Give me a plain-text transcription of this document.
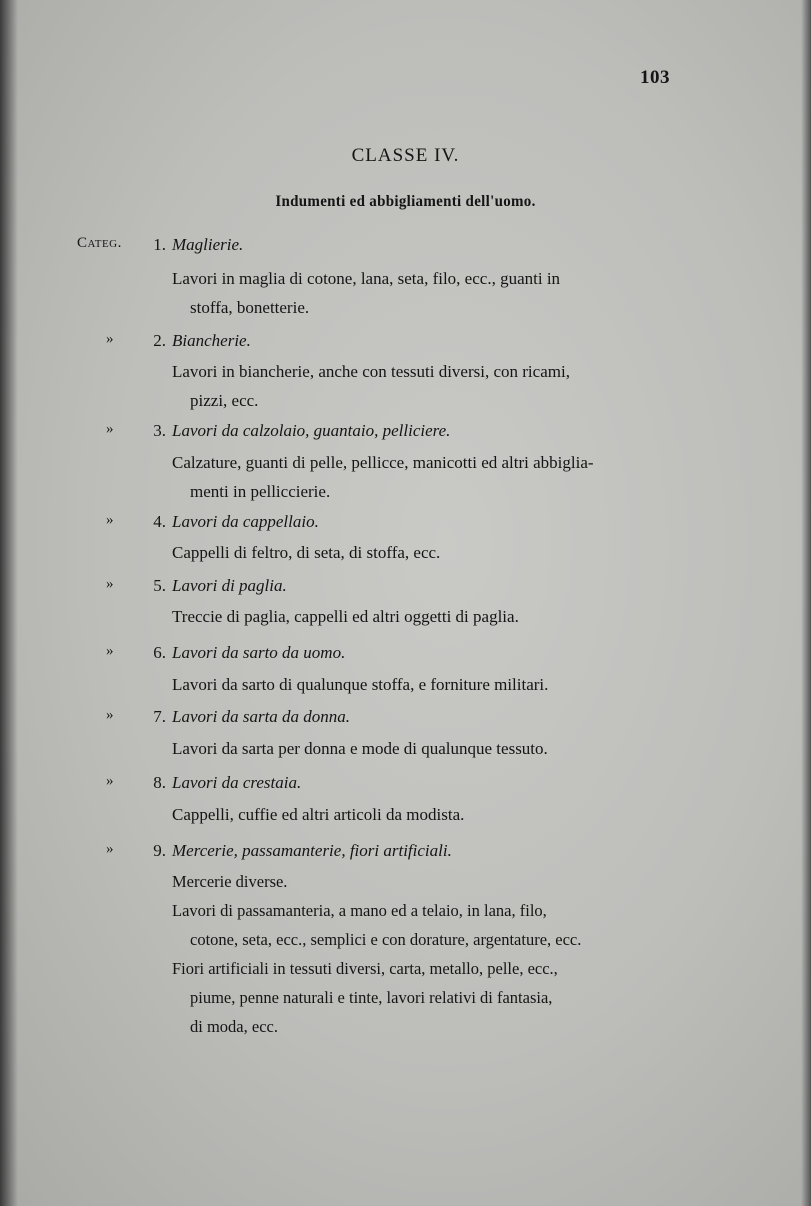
103
CLASSE IV.
Indumenti ed abbigliamenti dell'uomo.
Categ.	1. Maglierie.
Lavori in maglia di cotone, lana, seta, filo, ecc., guanti in
stoffa, bonetterie.
»	2. Biancherie.
Lavori in biancherie, anche con tessuti diversi, con ricami,
pizzi, ecc.
»	3. Lavori da calzolaio, guantaio, pelliciere.
Calzature, guanti di pelle, pellicce, manicotti ed altri abbiglia-
menti in pelliccierie.
»	4. Lavori da cappellaio.
Cappelli di feltro, di seta, di stoffa, ecc.
»	5. Lavori di paglia.
Treccie di paglia, cappelli ed altri oggetti di paglia.
»	6. Lavori da sarto da uomo.
Lavori da sarto di qualunque stoffa, e forniture militari.
»	7. Lavori da sarta da donna.
Lavori da sarta per donna e mode di qualunque tessuto.
»	8. Lavori da crestaia.
Cappelli, cuffie ed altri articoli da modista.
»	9. Mercerie, passamanterie, fiori artificiali.
Mercerie diverse.
Lavori di passamanteria, a mano ed a telaio, in lana, filo,
cotone, seta, ecc., semplici e con dorature, argentature, ecc.
Fiori artificiali in tessuti diversi, carta, metallo, pelle, ecc.,
piume, penne naturali e tinte, lavori relativi di fantasia,
di moda, ecc.
